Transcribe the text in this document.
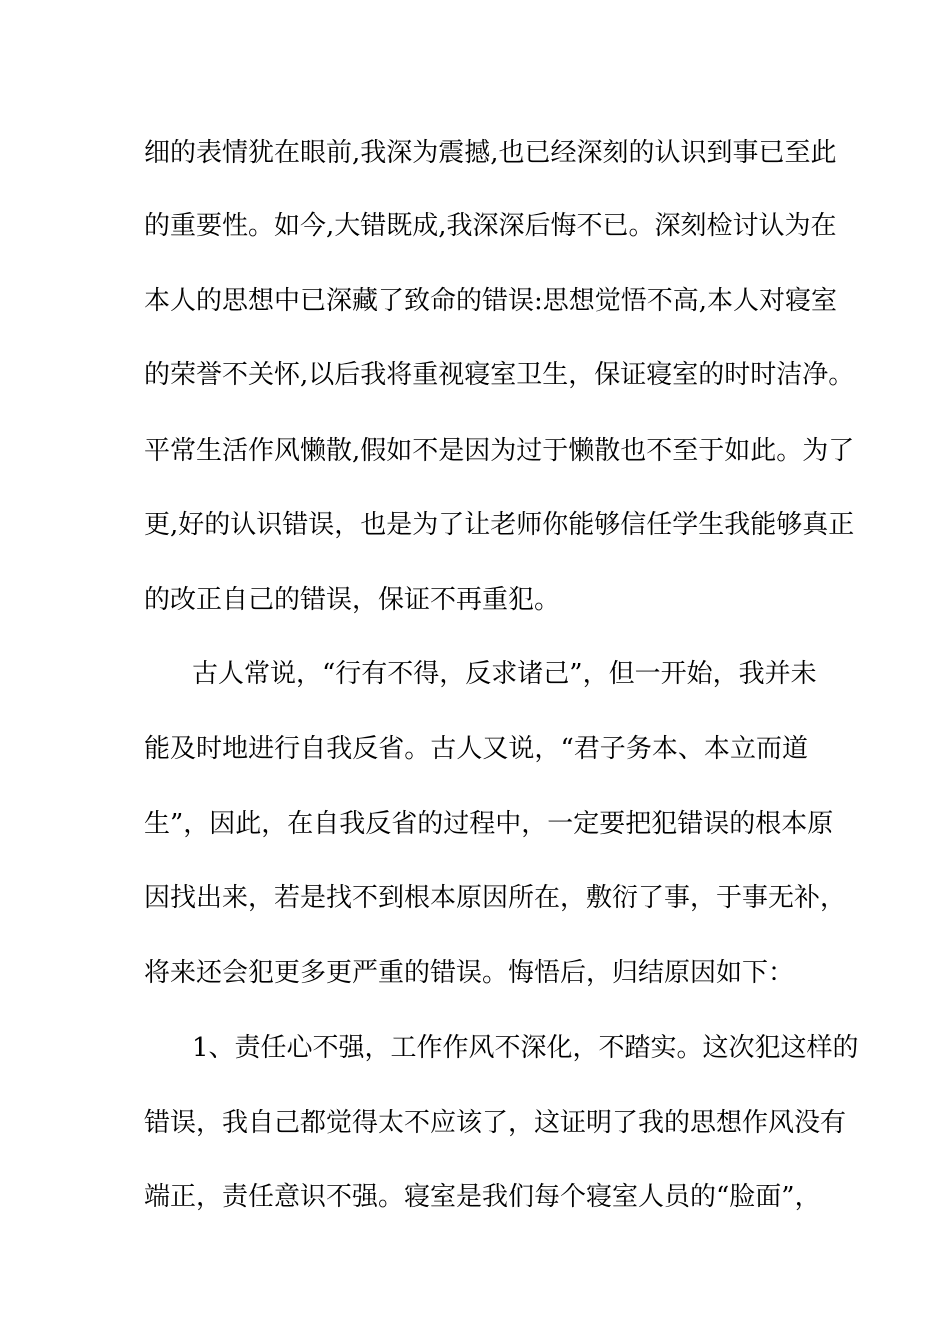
细的表情犹在眼前,我深为震撼,也已经深刻的认识到事已至此
的重要性。如今,大错既成,我深深后悔不已。深刻检讨认为在
本人的思想中已深藏了致命的错误:思想觉悟不高,本人对寝室
的荣誉不关怀,以后我将重视寝室卫生，保证寝室的时时洁净。
平常生活作风懒散,假如不是因为过于懒散也不至于如此。为了
更,好的认识错误，也是为了让老师你能够信任学生我能够真正
的改正自己的错误，保证不再重犯。
古人常说，“行有不得，反求诸己”，但一开始，我并未
能及时地进行自我反省。古人又说，“君子务本、本立而道
生”，因此，在自我反省的过程中，一定要把犯错误的根本原
因找出来，若是找不到根本原因所在，敷衍了事，于事无补，
将来还会犯更多更严重的错误。悔悟后，归结原因如下：
1、责任心不强，工作作风不深化，不踏实。这次犯这样的
错误，我自己都觉得太不应该了，这证明了我的思想作风没有
端正，责任意识不强。寝室是我们每个寝室人员的“脸面”，
